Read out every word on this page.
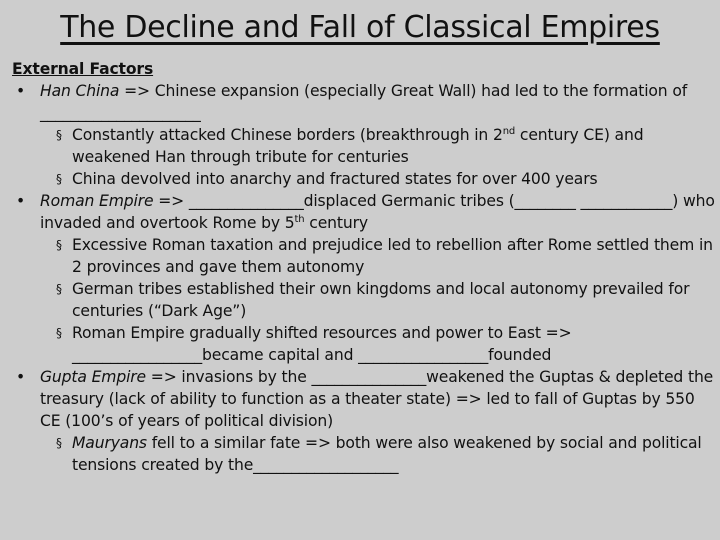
The Decline and Fall of Classical Empires
External Factors
• Han China => Chinese expansion (especially Great Wall) had led to the formation of _____________________
§ Constantly attacked Chinese borders (breakthrough in 2nd century CE) and weakened Han through tribute for centuries
§ China devolved into anarchy and fractured states for over 400 years
• Roman Empire => _______________displaced Germanic tribes (________ ____________) who invaded and overtook Rome by 5th century
§ Excessive Roman taxation and prejudice led to rebellion after Rome settled them in 2 provinces and gave them autonomy
§ German tribes established their own kingdoms and local autonomy prevailed for centuries (“Dark Age”)
§ Roman Empire gradually shifted resources and power to East => _________________became capital and _________________founded
• Gupta Empire => invasions by the _______________weakened the Guptas & depleted the treasury (lack of ability to function as a theater state) => led to fall of Guptas by 550 CE (100’s of years of political division)
§ Mauryans fell to a similar fate => both were also weakened by social and political tensions created by the___________________
